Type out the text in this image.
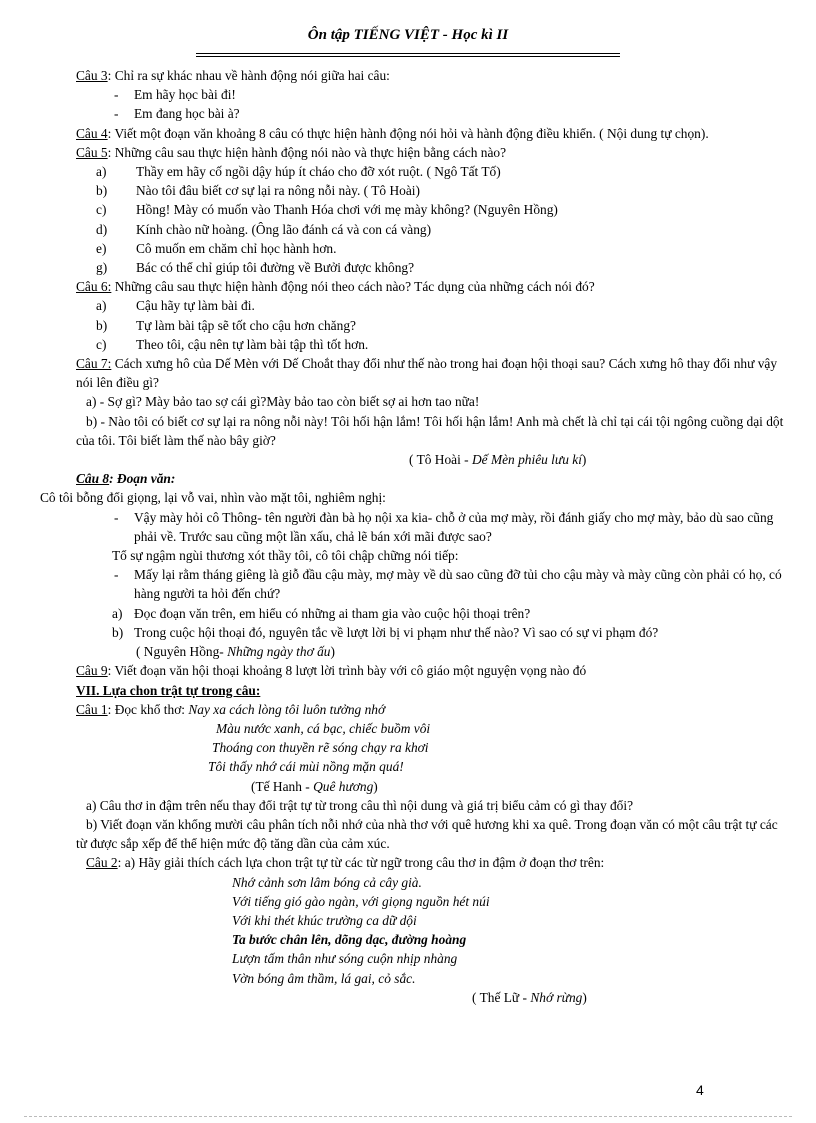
Ôn tập TIẾNG VIỆT - Học kì II

Câu 3: Chỉ ra sự khác nhau về hành động nói giữa hai câu:

- Em hãy học bài đi!

- Em đang học bài à?

Câu 4: Viết một đoạn văn khoảng 8 câu có thực hiện hành động nói hỏi và hành động điều khiển. ( Nội dung tự chọn).

Câu 5: Những câu sau thực hiện hành động nói nào và thực hiện bằng cách nào?

a) Thầy em hãy cố ngồi dậy húp ít cháo cho đỡ xót ruột. ( Ngô Tất Tố)

b) Nào tôi đâu biết cơ sự lại ra nông nỗi này. ( Tô Hoài)

c) Hồng! Mày có muốn vào Thanh Hóa chơi với mẹ mày không? (Nguyên Hồng)

d) Kính chào nữ hoàng. (Ông lão đánh cá và con cá vàng)

e) Cô muốn em chăm chỉ học hành hơn.

g) Bác có thể chỉ giúp tôi đường về Bưởi được không?

Câu 6: Những câu sau thực hiện hành động nói theo cách nào? Tác dụng của những cách nói đó?

a) Cậu hãy tự làm bài đi.

b) Tự làm bài tập sẽ tốt cho cậu hơn chăng?

c) Theo tôi, cậu nên tự làm bài tập thì tốt hơn.

Câu 7: Cách xưng hô của Dế Mèn với Dế Choắt thay đổi như thế nào trong hai đoạn hội thoại sau? Cách xưng hô thay đổi như vậy nói lên điều gì?

a) - Sợ gì? Mày bảo tao sợ cái gì?Mày bảo tao còn biết sợ ai hơn tao nữa!

b) - Nào tôi có biết cơ sự lại ra nông nỗi này! Tôi hối hận lắm! Tôi hối hận lắm! Anh mà chết là chỉ tại cái tội ngông cuồng dại dột của tôi. Tôi biết làm thế nào bây giờ?

( Tô Hoài - Dế Mèn phiêu lưu kí)

Câu 8: Đoạn văn:

Cô tôi bỗng đổi giọng, lại vỗ vai, nhìn vào mặt tôi, nghiêm nghị:

- Vậy mày hỏi cô Thông- tên người đàn bà họ nội xa kia- chỗ ở của mợ mày, rồi đánh giấy cho mợ mày, bảo dù sao cũng phải về. Trước sau cũng một lần xấu, chả lẽ bán xới mãi được sao?

Tổ sự ngậm ngùi thương xót thầy tôi, cô tôi chập chững nói tiếp:

- Mấy lại rằm tháng giêng là giỗ đầu cậu mày, mợ mày về dù sao cũng đỡ tủi cho cậu mày và mày cũng còn phải có họ, có hàng người ta hỏi đến chứ?

a) Đọc đoạn văn trên, em hiểu có những ai tham gia vào cuộc hội thoại trên?

b) Trong cuộc hội thoại đó, nguyên tắc về lượt lời bị vi phạm như thế nào? Vì sao có sự vi phạm đó?

( Nguyên Hồng- Những ngày thơ ấu)

Câu 9: Viết đoạn văn hội thoại khoảng 8 lượt lời trình bày với cô giáo một nguyện vọng nào đó

VII. Lựa chon trật tự trong câu:

Câu 1: Đọc khổ thơ: Nay xa cách lòng tôi luôn tưởng nhớ

Màu nước xanh, cá bạc, chiếc buồm vôi

Thoáng con thuyền rẽ sóng chạy ra khơi

Tôi thấy nhớ cái mùi nồng mặn quá!

(Tế Hanh - Quê hương)

a) Câu thơ in đậm trên nếu thay đổi trật tự từ trong câu thì nội dung và giá trị biểu cảm có gì thay đổi?

b) Viết đoạn văn khổng mười câu phân tích nỗi nhớ của nhà thơ với quê hương khi xa quê. Trong đoạn văn có một câu trật tự các từ được sắp xếp để thể hiện mức độ tăng dần của cảm xúc.

Câu 2: a) Hãy giải thích cách lựa chon trật tự từ các từ ngữ trong câu thơ in đậm ở đoạn thơ trên:

Nhớ cảnh sơn lâm bóng cả cây già.

Với tiếng gió gào ngàn, với giọng nguồn hét núi

Với khi thét khúc trường ca dữ dội

Ta bước chân lên, dõng dạc, đường hoàng

Lượn tấm thân như sóng cuộn nhịp nhàng

Vờn bóng âm thầm, lá gai, cỏ sắc.

( Thế Lữ - Nhớ rừng)

4
